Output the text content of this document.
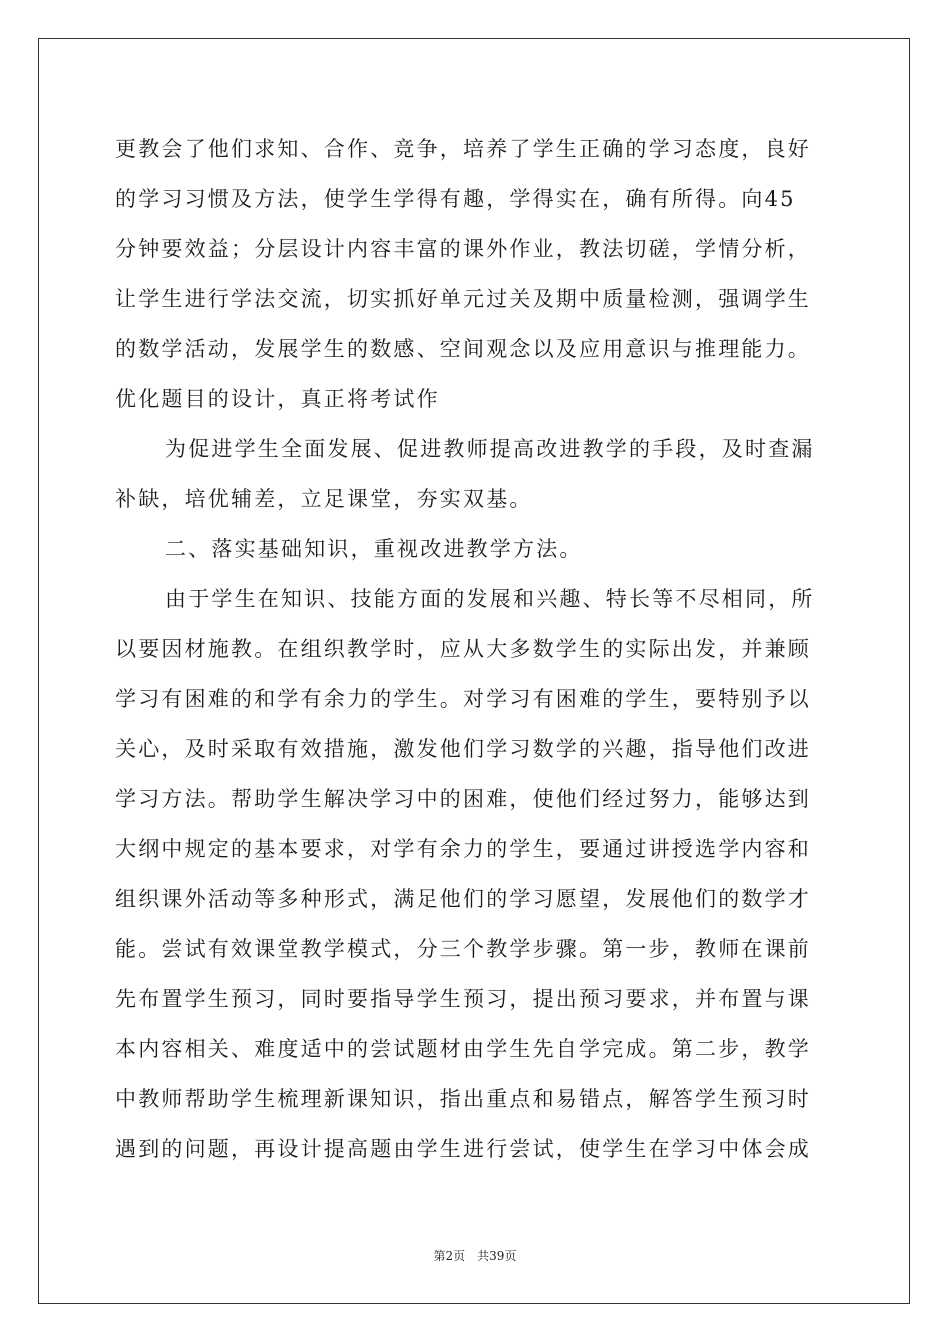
更教会了他们求知、合作、竞争，培养了学生正确的学习态度，良好
的学习习惯及方法，使学生学得有趣，学得实在，确有所得。向45
分钟要效益；分层设计内容丰富的课外作业，教法切磋，学情分析，
让学生进行学法交流，切实抓好单元过关及期中质量检测，强调学生
的数学活动，发展学生的数感、空间观念以及应用意识与推理能力。
优化题目的设计，真正将考试作
为促进学生全面发展、促进教师提高改进教学的手段，及时查漏
补缺，培优辅差，立足课堂，夯实双基。
二、落实基础知识，重视改进教学方法。
由于学生在知识、技能方面的发展和兴趣、特长等不尽相同，所
以要因材施教。在组织教学时，应从大多数学生的实际出发，并兼顾
学习有困难的和学有余力的学生。对学习有困难的学生，要特别予以
关心，及时采取有效措施，激发他们学习数学的兴趣，指导他们改进
学习方法。帮助学生解决学习中的困难，使他们经过努力，能够达到
大纲中规定的基本要求，对学有余力的学生，要通过讲授选学内容和
组织课外活动等多种形式，满足他们的学习愿望，发展他们的数学才
能。尝试有效课堂教学模式，分三个教学步骤。第一步，教师在课前
先布置学生预习，同时要指导学生预习，提出预习要求，并布置与课
本内容相关、难度适中的尝试题材由学生先自学完成。第二步，教学
中教师帮助学生梳理新课知识，指出重点和易错点，解答学生预习时
遇到的问题，再设计提高题由学生进行尝试，使学生在学习中体会成
第2页 共39页
